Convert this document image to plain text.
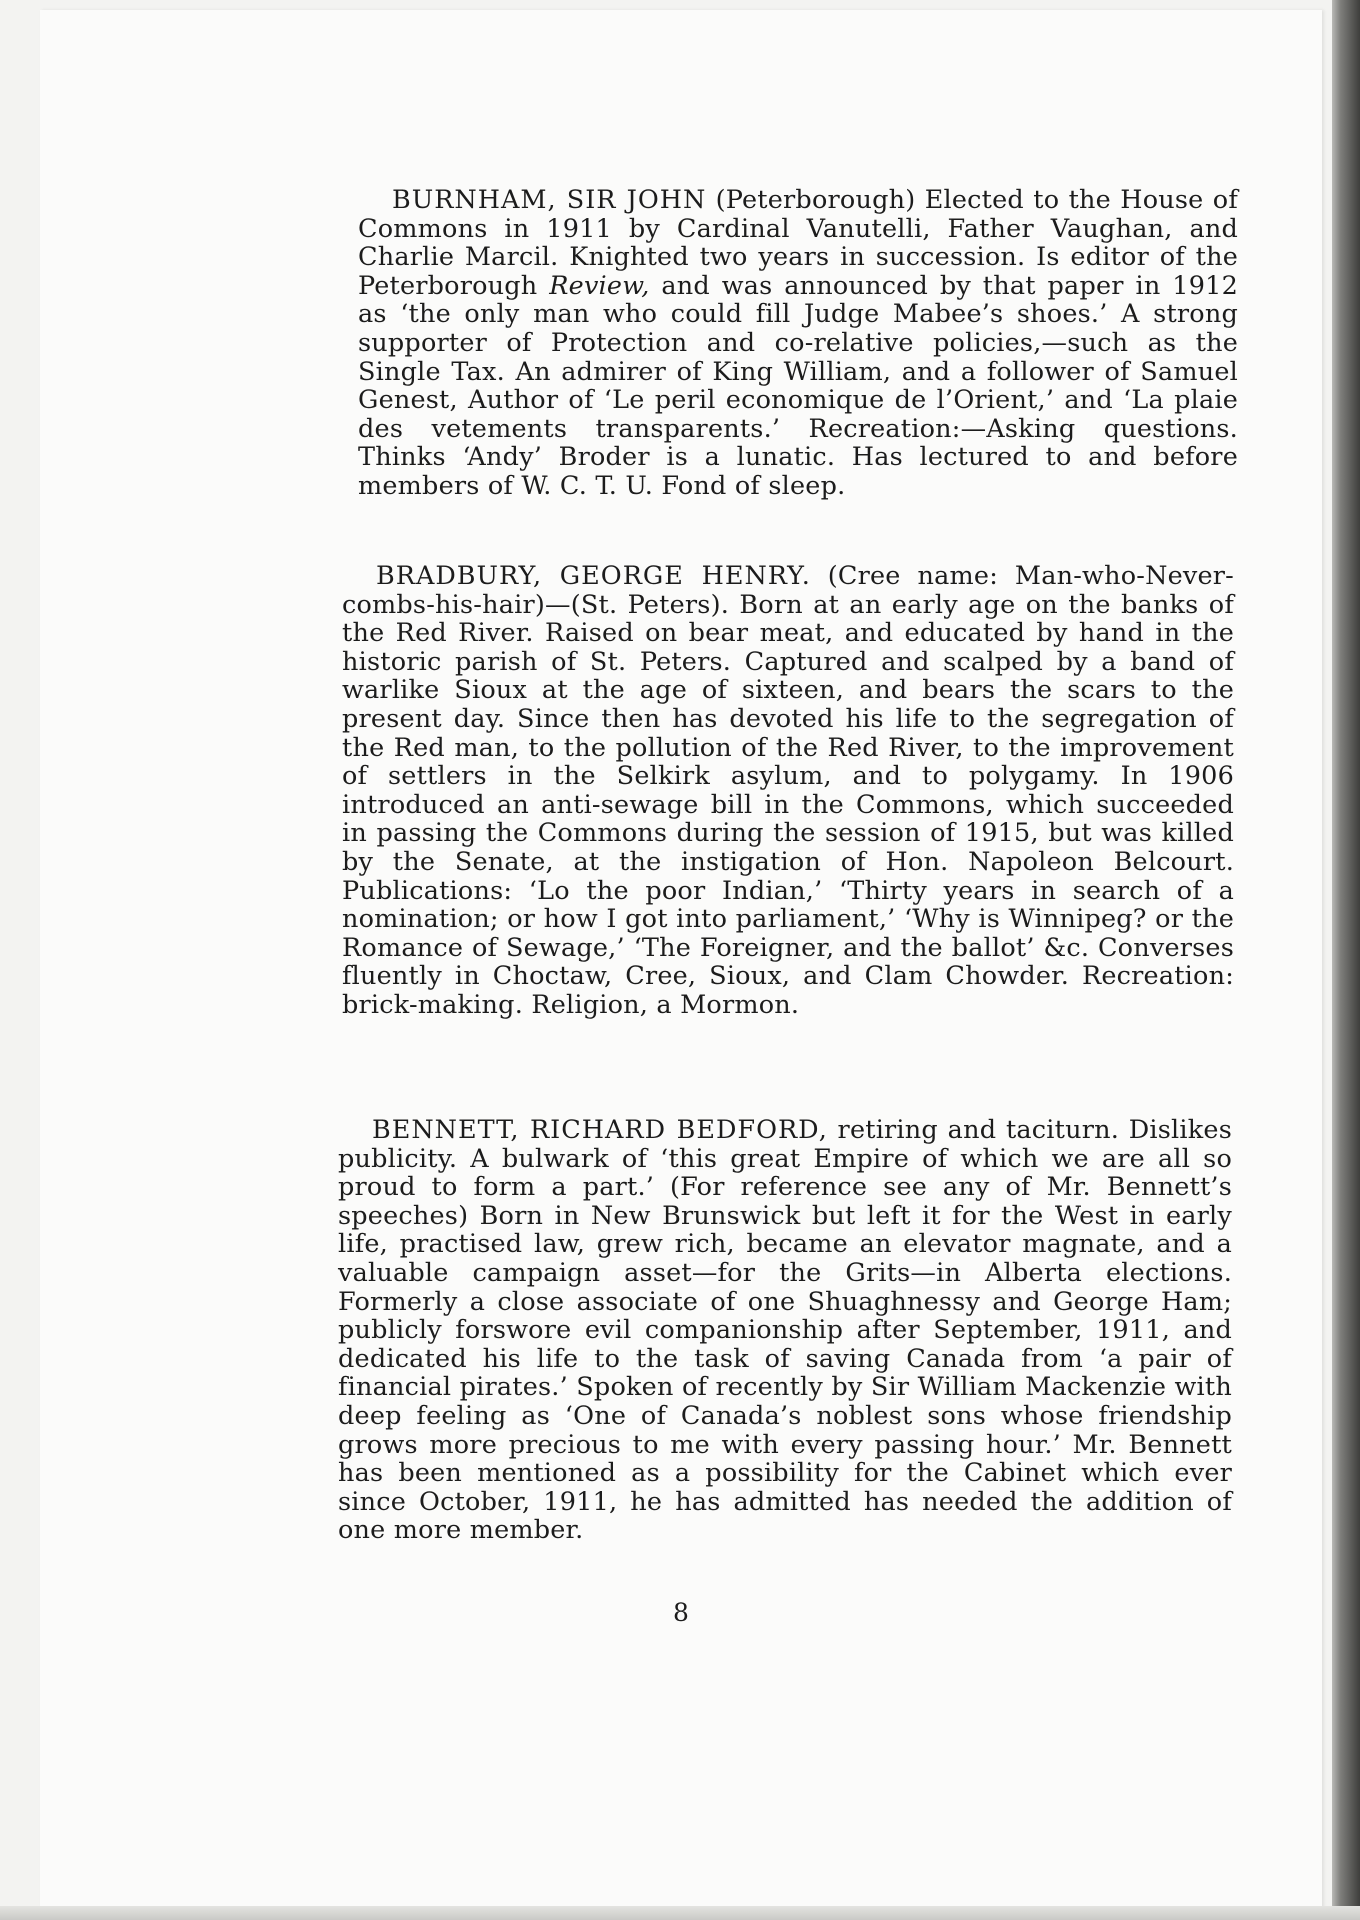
BURNHAM, SIR JOHN (Peterborough) Elected to the House of Commons in 1911 by Cardinal Vanutelli, Father Vaughan, and Charlie Marcil. Knighted two years in succession. Is editor of the Peterborough Review, and was announced by that paper in 1912 as ‘the only man who could fill Judge Mabee’s shoes.’ A strong supporter of Protection and co-relative policies,—such as the Single Tax. An admirer of King William, and a follower of Samuel Genest, Author of ‘Le peril economique de l’Orient,’ and ‘La plaie des vetements transparents.’ Recreation:—Asking questions. Thinks ‘Andy’ Broder is a lunatic. Has lectured to and before members of W. C. T. U. Fond of sleep.

BRADBURY, GEORGE HENRY. (Cree name: Man-who-Never-combs-his-hair)—(St. Peters). Born at an early age on the banks of the Red River. Raised on bear meat, and educated by hand in the historic parish of St. Peters. Captured and scalped by a band of warlike Sioux at the age of sixteen, and bears the scars to the present day. Since then has devoted his life to the segregation of the Red man, to the pollution of the Red River, to the improvement of settlers in the Selkirk asylum, and to polygamy. In 1906 introduced an anti-sewage bill in the Commons, which succeeded in passing the Commons during the session of 1915, but was killed by the Senate, at the instigation of Hon. Napoleon Belcourt. Publications: ‘Lo the poor Indian,’ ‘Thirty years in search of a nomination; or how I got into parliament,’ ‘Why is Winnipeg? or the Romance of Sewage,’ ‘The Foreigner, and the ballot’ &c. Converses fluently in Choctaw, Cree, Sioux, and Clam Chowder. Recreation: brick-making. Religion, a Mormon.

BENNETT, RICHARD BEDFORD, retiring and taciturn. Dislikes publicity. A bulwark of ‘this great Empire of which we are all so proud to form a part.’ (For reference see any of Mr. Bennett’s speeches) Born in New Brunswick but left it for the West in early life, practised law, grew rich, became an elevator magnate, and a valuable campaign asset—for the Grits—in Alberta elections. Formerly a close associate of one Shuaghnessy and George Ham; publicly forswore evil companionship after September, 1911, and dedicated his life to the task of saving Canada from ‘a pair of financial pirates.’ Spoken of recently by Sir William Mackenzie with deep feeling as ‘One of Canada’s noblest sons whose friendship grows more precious to me with every passing hour.’ Mr. Bennett has been mentioned as a possibility for the Cabinet which ever since October, 1911, he has admitted has needed the addition of one more member.

8
